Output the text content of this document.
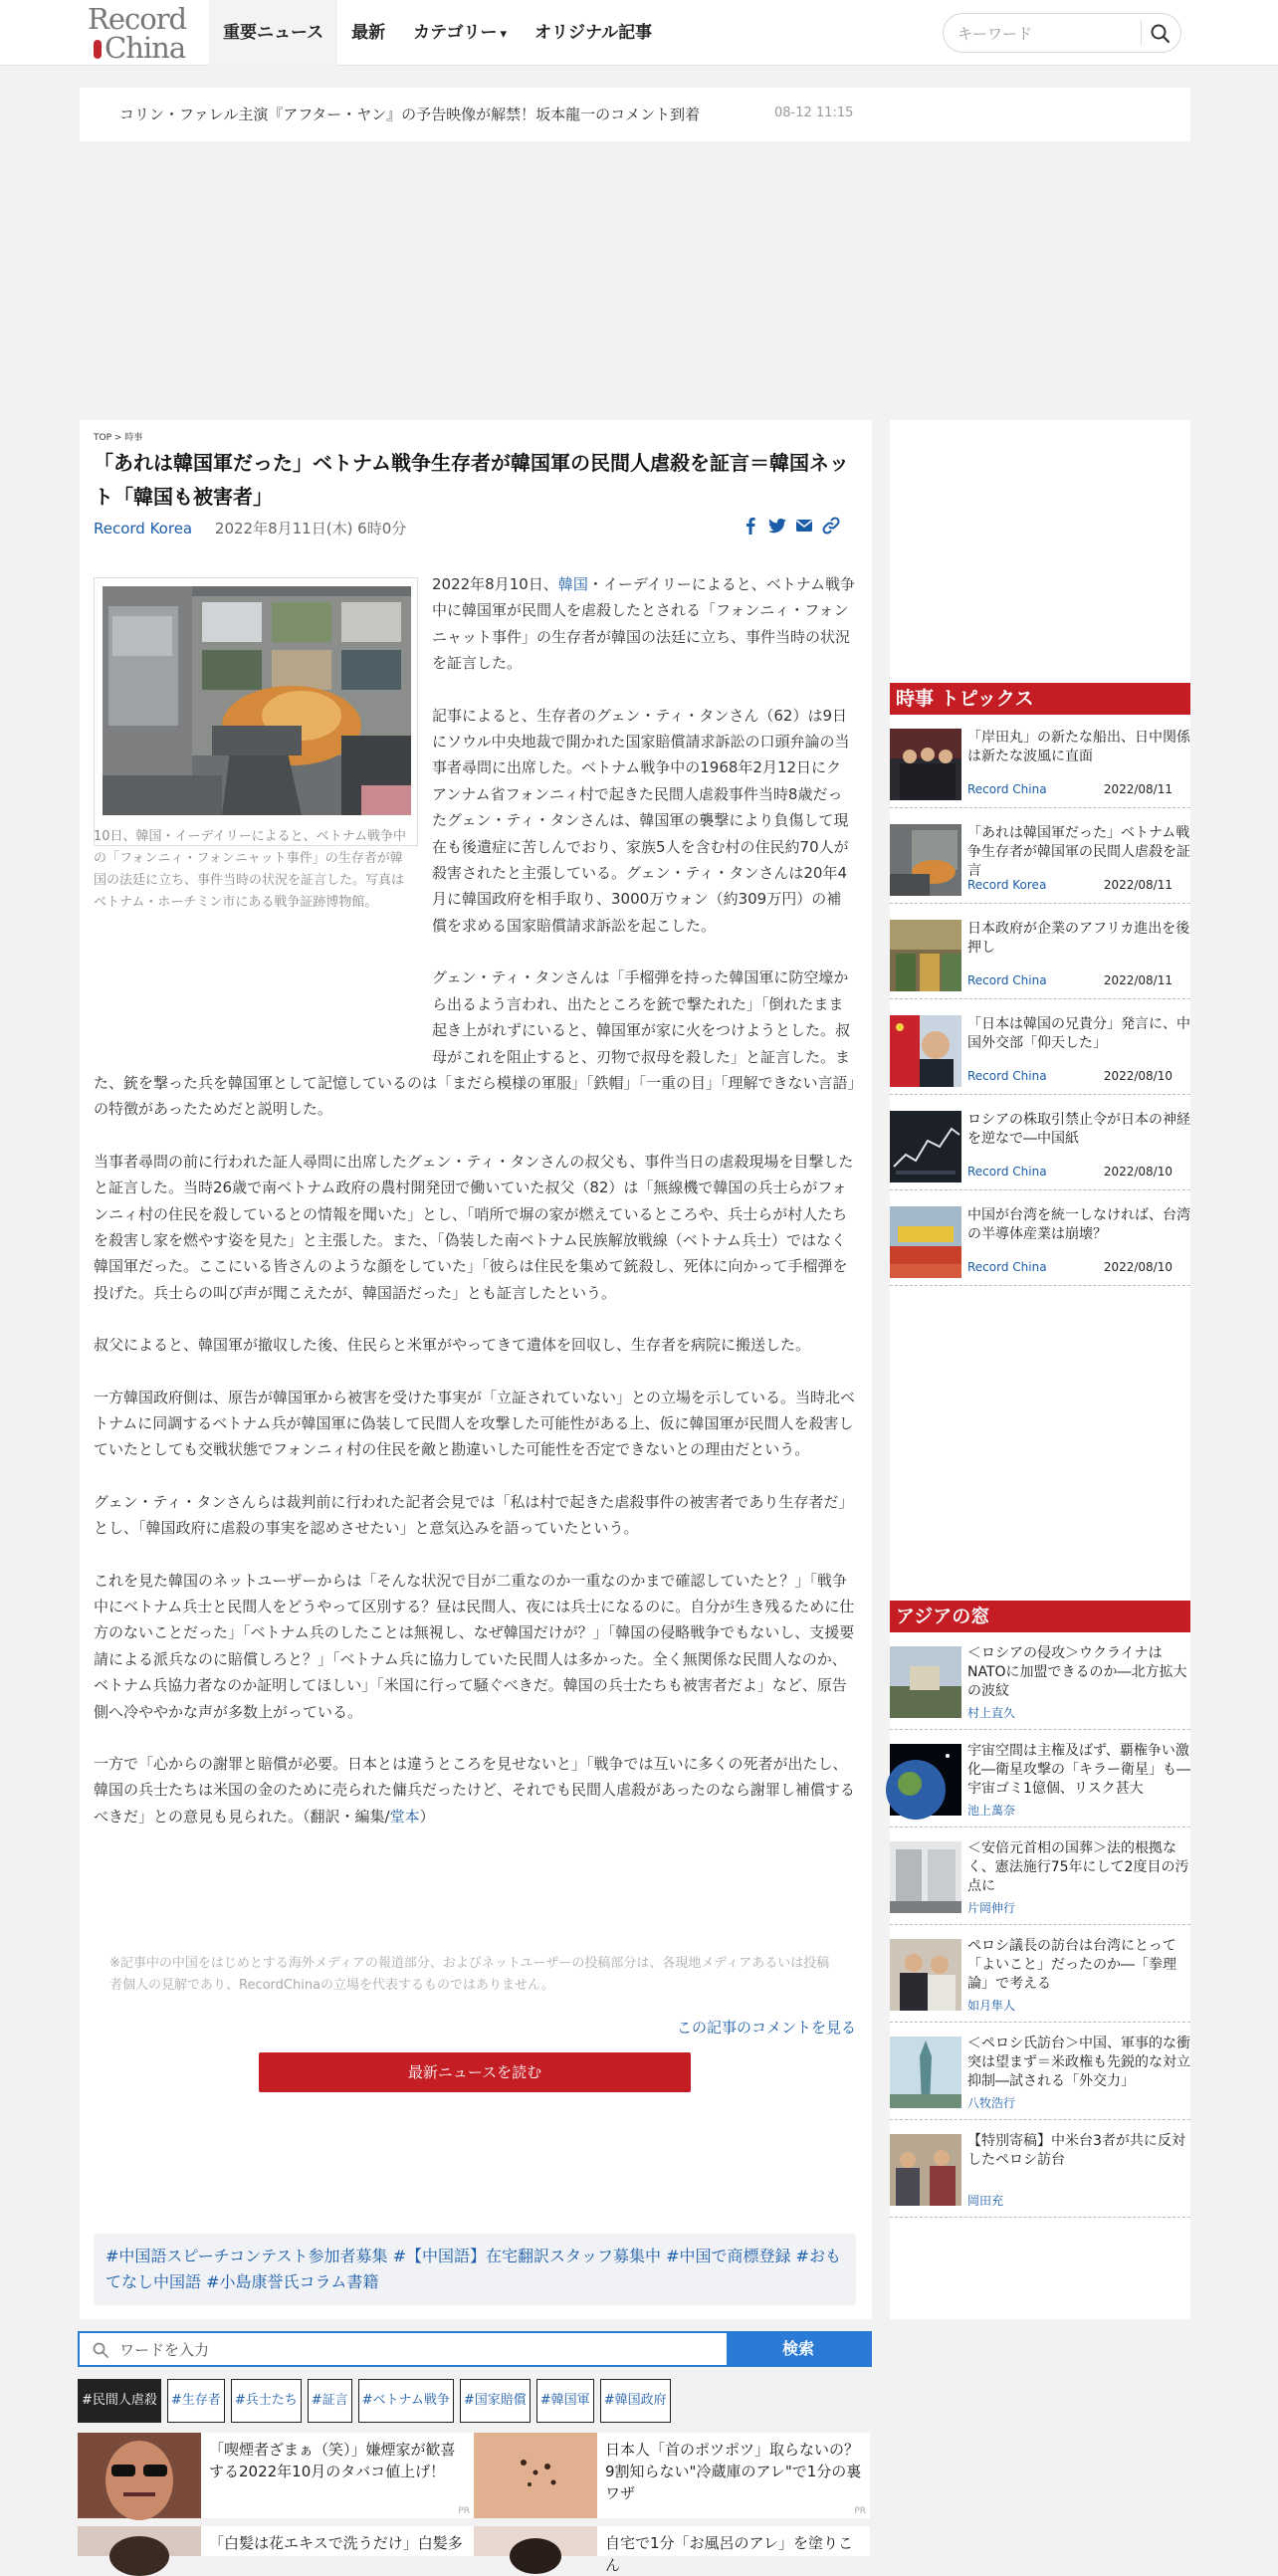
Record
China	重要ニュース	最新	カテゴリー ▾	オリジナル記事
キーワード
コリン・ファレル主演『アフター・ヤン』の予告映像が解禁！坂本龍一のコメント到着	08-12 11:15
TOP > 時事
「あれは韓国軍だった」ベトナム戦争生存者が韓国軍の民間人虐殺を証言＝韓国ネット「韓国も被害者」
Record Korea 2022年8月11日(木) 6時0分

2022年8月10日、韓国・イーデイリーによると、ベトナム戦争中に韓国軍が民間人を虐殺したとされる「フォンニィ・フォンニャット事件」の生存者が韓国の法廷に立ち、事件当時の状況を証言した。

記事によると、生存者のグェン・ティ・タンさん（62）は9日にソウル中央地裁で開かれた国家賠償請求訴訟の口頭弁論の当事者尋問に出席した。ベトナム戦争中の1968年2月12日にクアンナム省フォンニィ村で起きた民間人虐殺事件当時8歳だったグェン・ティ・タンさんは、韓国軍の襲撃により負傷して現在も後遺症に苦しんでおり、家族5人を含む村の住民約70人が殺害されたと主張している。グェン・ティ・タンさんは20年4月に韓国政府を相手取り、3000万ウォン（約309万円）の補償を求める国家賠償請求訴訟を起こした。

グェン・ティ・タンさんは「手榴弾を持った韓国軍に防空壕から出るよう言われ、出たところを銃で撃たれた」「倒れたまま起き上がれずにいると、韓国軍が家に火をつけようとした。叔母がこれを阻止すると、刃物で叔母を殺した」と証言した。また、銃を撃った兵を韓国軍として記憶しているのは「まだら模様の軍服」「鉄帽」「一重の目」「理解できない言語」の特徴があったためだと説明した。

当事者尋問の前に行われた証人尋問に出席したグェン・ティ・タンさんの叔父も、事件当日の虐殺現場を目撃したと証言した。当時26歳で南ベトナム政府の農村開発団で働いていた叔父（82）は「無線機で韓国の兵士らがフォンニィ村の住民を殺しているとの情報を聞いた」とし、「哨所で塀の家が燃えているところや、兵士らが村人たちを殺害し家を燃やす姿を見た」と主張した。また、「偽装した南ベトナム民族解放戦線（ベトナム兵士）ではなく韓国軍だった。ここにいる皆さんのような顔をしていた」「彼らは住民を集めて銃殺し、死体に向かって手榴弾を投げた。兵士らの叫び声が聞こえたが、韓国語だった」とも証言したという。

叔父によると、韓国軍が撤収した後、住民らと米軍がやってきて遺体を回収し、生存者を病院に搬送した。

一方韓国政府側は、原告が韓国軍から被害を受けた事実が「立証されていない」との立場を示している。当時北ベトナムに同調するベトナム兵が韓国軍に偽装して民間人を攻撃した可能性がある上、仮に韓国軍が民間人を殺害していたとしても交戦状態でフォンニィ村の住民を敵と勘違いした可能性を否定できないとの理由だという。

グェン・ティ・タンさんらは裁判前に行われた記者会見では「私は村で起きた虐殺事件の被害者であり生存者だ」とし、「韓国政府に虐殺の事実を認めさせたい」と意気込みを語っていたという。

これを見た韓国のネットユーザーからは「そんな状況で目が二重なのか一重なのかまで確認していたと？」「戦争中にベトナム兵士と民間人をどうやって区別する？昼は民間人、夜には兵士になるのに。自分が生き残るために仕方のないことだった」「ベトナム兵のしたことは無視し、なぜ韓国だけが？」「韓国の侵略戦争でもないし、支援要請による派兵なのに賠償しろと？」「ベトナム兵に協力していた民間人は多かった。全く無関係な民間人なのか、ベトナム兵協力者なのか証明してほしい」「米国に行って騒ぐべきだ。韓国の兵士たちも被害者だよ」など、原告側へ冷ややかな声が多数上がっている。

一方で「心からの謝罪と賠償が必要。日本とは違うところを見せないと」「戦争では互いに多くの死者が出たし、韓国の兵士たちは米国の金のために売られた傭兵だったけど、それでも民間人虐殺があったのなら謝罪し補償するべきだ」との意見も見られた。（翻訳・編集/堂本）

10日、韓国・イーデイリーによると、ベトナム戦争中の「フォンニィ・フォンニャット事件」の生存者が韓国の法廷に立ち、事件当時の状況を証言した。写真はベトナム・ホーチミン市にある戦争証跡博物館。
※記事中の中国をはじめとする海外メディアの報道部分、およびネットユーザーの投稿部分は、各現地メディアあるいは投稿者個人の見解であり、RecordChinaの立場を代表するものではありません。
この記事のコメントを見る
最新ニュースを読む
#中国語スピーチコンテスト参加者募集 #【中国語】在宅翻訳スタッフ募集中 #中国で商標登録 #おもてなし中国語 #小島康誉氏コラム書籍
時事 トピックス
「岸田丸」の新たな船出、日中関係は新たな波風に直面
Record China	2022/08/11
「あれは韓国軍だった」ベトナム戦争生存者が韓国軍の民間人虐殺を証言
Record Korea	2022/08/11
日本政府が企業のアフリカ進出を後押し
Record China	2022/08/11
「日本は韓国の兄貴分」発言に、中国外交部「仰天した」
Record China	2022/08/10
ロシアの株取引禁止令が日本の神経を逆なで―中国紙
Record China	2022/08/10
中国が台湾を統一しなければ、台湾の半導体産業は崩壊？
Record China	2022/08/10
アジアの窓
＜ロシアの侵攻＞ウクライナはNATOに加盟できるのか―北方拡大の波紋
村上直久
宇宙空間は主権及ばず、覇権争い激化―衛星攻撃の「キラー衛星」も―宇宙ゴミ1億個、リスク甚大
池上萬奈
＜安倍元首相の国葬＞法的根拠なく、憲法施行75年にして2度目の汚点に
片岡伸行
ペロシ議長の訪台は台湾にとって「よいこと」だったのか―「拳理論」で考える
如月隼人
＜ペロシ氏訪台＞中国、軍事的な衝突は望まず＝米政権も先鋭的な対立抑制―試される「外交力」
八牧浩行
【特別寄稿】中米台3者が共に反対したペロシ訪台
岡田充
ワードを入力
検索
#民間人虐殺	#生存者	#兵士たち	#証言	#ベトナム戦争	#国家賠償	#韓国軍	#韓国政府
「喫煙者ざまぁ（笑）」嫌煙家が歓喜する2022年10月のタバコ値上げ！
PR
日本人「首のポツポツ」取らないの？9割知らない"冷蔵庫のアレ"で1分の裏ワザ
PR
「白髪は花エキスで洗うだけ」白髪多	自宅で1分「お風呂のアレ」を塗りこん
